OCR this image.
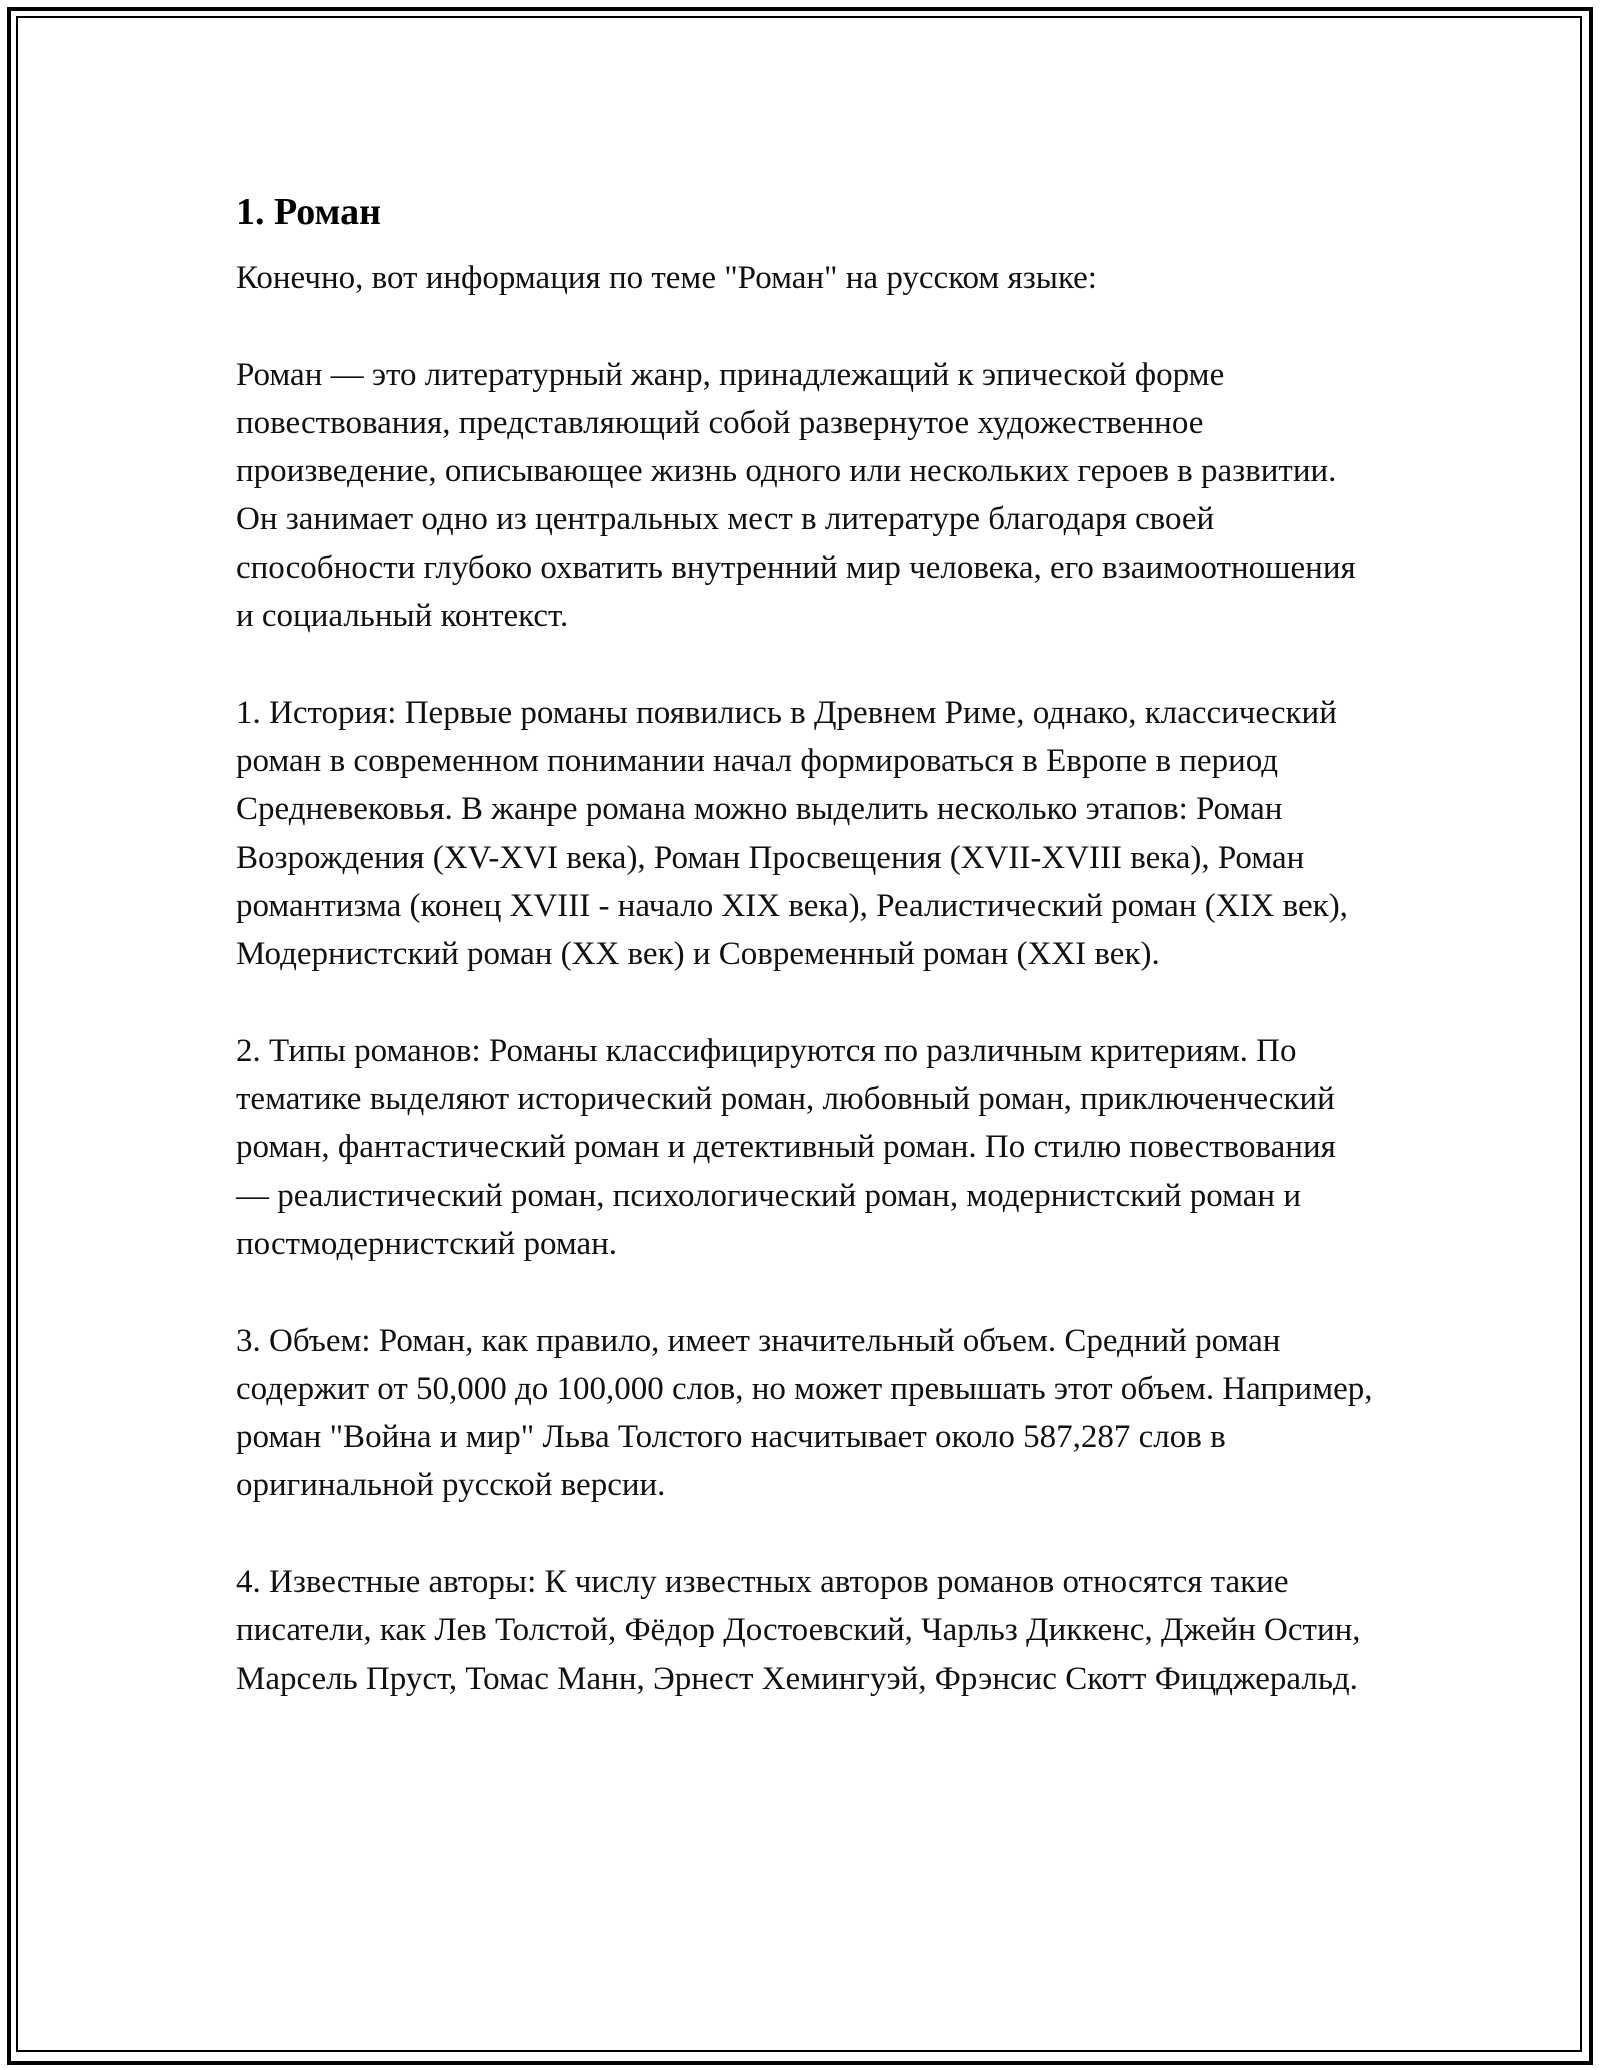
1. Роман

Конечно, вот информация по теме "Роман" на русском языке:

Роман — это литературный жанр, принадлежащий к эпической форме повествования, представляющий собой развернутое художественное произведение, описывающее жизнь одного или нескольких героев в развитии. Он занимает одно из центральных мест в литературе благодаря своей способности глубоко охватить внутренний мир человека, его взаимоотношения и социальный контекст.

1. История: Первые романы появились в Древнем Риме, однако, классический роман в современном понимании начал формироваться в Европе в период Средневековья. В жанре романа можно выделить несколько этапов: Роман Возрождения (XV-XVI века), Роман Просвещения (XVII-XVIII века), Роман романтизма (конец XVIII - начало XIX века), Реалистический роман (XIX век), Модернистский роман (XX век) и Современный роман (XXI век).

2. Типы романов: Романы классифицируются по различным критериям. По тематике выделяют исторический роман, любовный роман, приключенческий роман, фантастический роман и детективный роман. По стилю повествования — реалистический роман, психологический роман, модернистский роман и постмодернистский роман.

3. Объем: Роман, как правило, имеет значительный объем. Средний роман содержит от 50,000 до 100,000 слов, но может превышать этот объем. Например, роман "Война и мир" Льва Толстого насчитывает около 587,287 слов в оригинальной русской версии.

4. Известные авторы: К числу известных авторов романов относятся такие писатели, как Лев Толстой, Фёдор Достоевский, Чарльз Диккенс, Джейн Остин, Марсель Пруст, Томас Манн, Эрнест Хемингуэй, Фрэнсис Скотт Фицджеральд.
